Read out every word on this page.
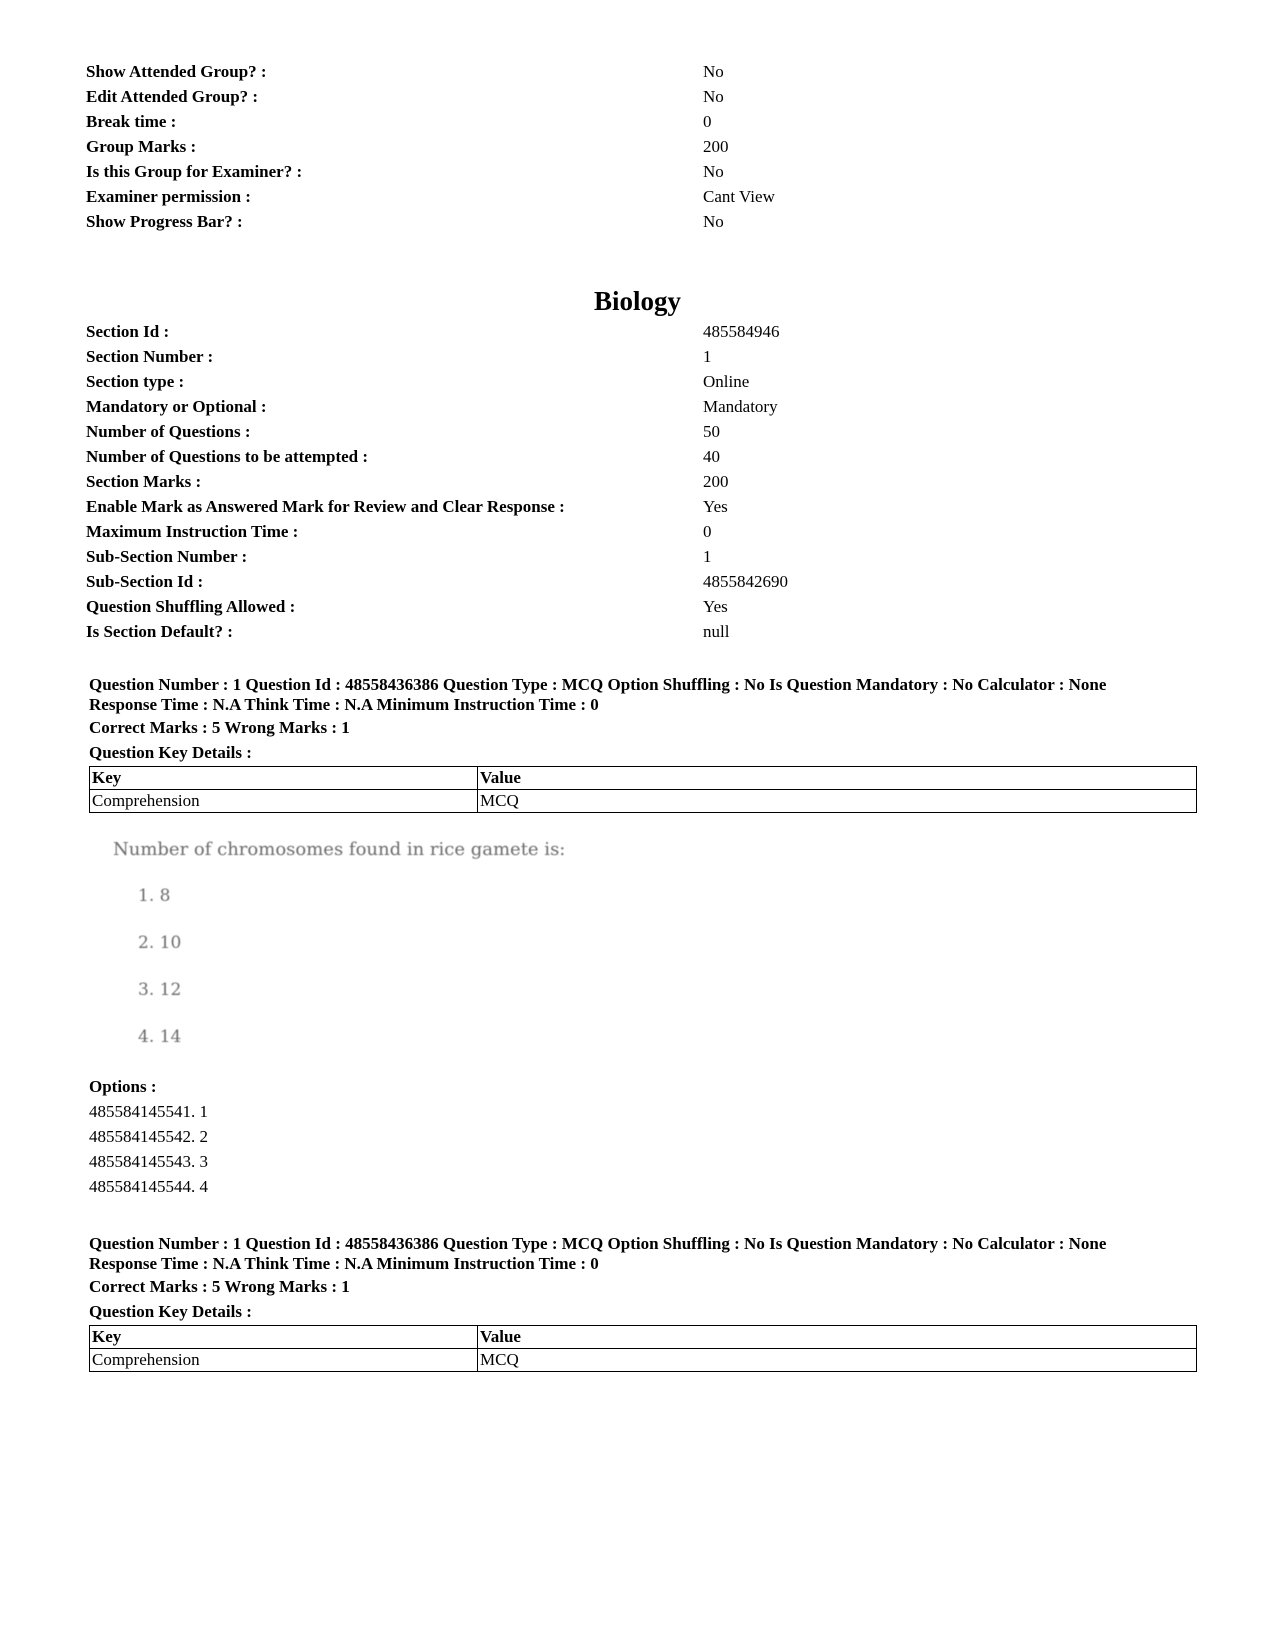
Show Attended Group? :	No
Edit Attended Group? :	No
Break time :	0
Group Marks :	200
Is this Group for Examiner? :	No
Examiner permission :	Cant View
Show Progress Bar? :	No
Biology
Section Id :	485584946
Section Number :	1
Section type :	Online
Mandatory or Optional :	Mandatory
Number of Questions :	50
Number of Questions to be attempted :	40
Section Marks :	200
Enable Mark as Answered Mark for Review and Clear Response :	Yes
Maximum Instruction Time :	0
Sub-Section Number :	1
Sub-Section Id :	4855842690
Question Shuffling Allowed :	Yes
Is Section Default? :	null
Question Number : 1 Question Id : 48558436386 Question Type : MCQ Option Shuffling : No Is Question Mandatory : No Calculator : None
Response Time : N.A Think Time : N.A Minimum Instruction Time : 0
Correct Marks : 5 Wrong Marks : 1
Question Key Details :
Key	Value
Comprehension	MCQ
Number of chromosomes found in rice gamete is:
1. 8
2. 10
3. 12
4. 14
Options :
485584145541. 1
485584145542. 2
485584145543. 3
485584145544. 4
Question Number : 1 Question Id : 48558436386 Question Type : MCQ Option Shuffling : No Is Question Mandatory : No Calculator : None
Response Time : N.A Think Time : N.A Minimum Instruction Time : 0
Correct Marks : 5 Wrong Marks : 1
Question Key Details :
Key	Value
Comprehension	MCQ
